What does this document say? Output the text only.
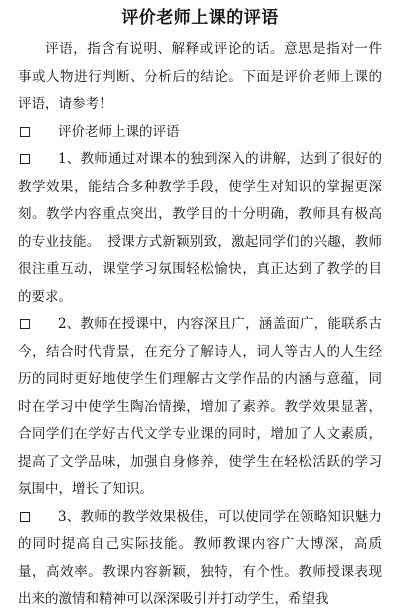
评价老师上课的评语

评语，指含有说明、解释或评论的话。意思是指对一件事或人物进行判断、分析后的结论。下面是评价老师上课的评语，请参考！

评价老师上课的评语

1、教师通过对课本的独到深入的讲解，达到了很好的教学效果，能结合多种教学手段，使学生对知识的掌握更深刻。教学内容重点突出，教学目的十分明确，教师具有极高的专业技能。　授课方式新颖别致，激起同学们的兴趣，教师很注重互动，课堂学习氛围轻松愉快，真正达到了教学的目的要求。

2、教师在授课中，内容深且广，涵盖面广，能联系古今，结合时代背景，在充分了解诗人，词人等古人的人生经历的同时更好地使学生们理解古文学作品的内涵与意蕴，同时在学习中使学生陶冶情操，增加了素养。教学效果显著，合同学们在学好古代文学专业课的同时，增加了人文素质，提高了文学品味，加强自身修养，使学生在轻松活跃的学习氛围中，增长了知识。

3、教师的教学效果极佳，可以使同学在领略知识魅力的同时提高自己实际技能。教师教课内容广大博深，高质量，高效率。教课内容新颖，独特，有个性。教师授课表现出来的激情和精神可以深深吸引并打动学生，希望我
